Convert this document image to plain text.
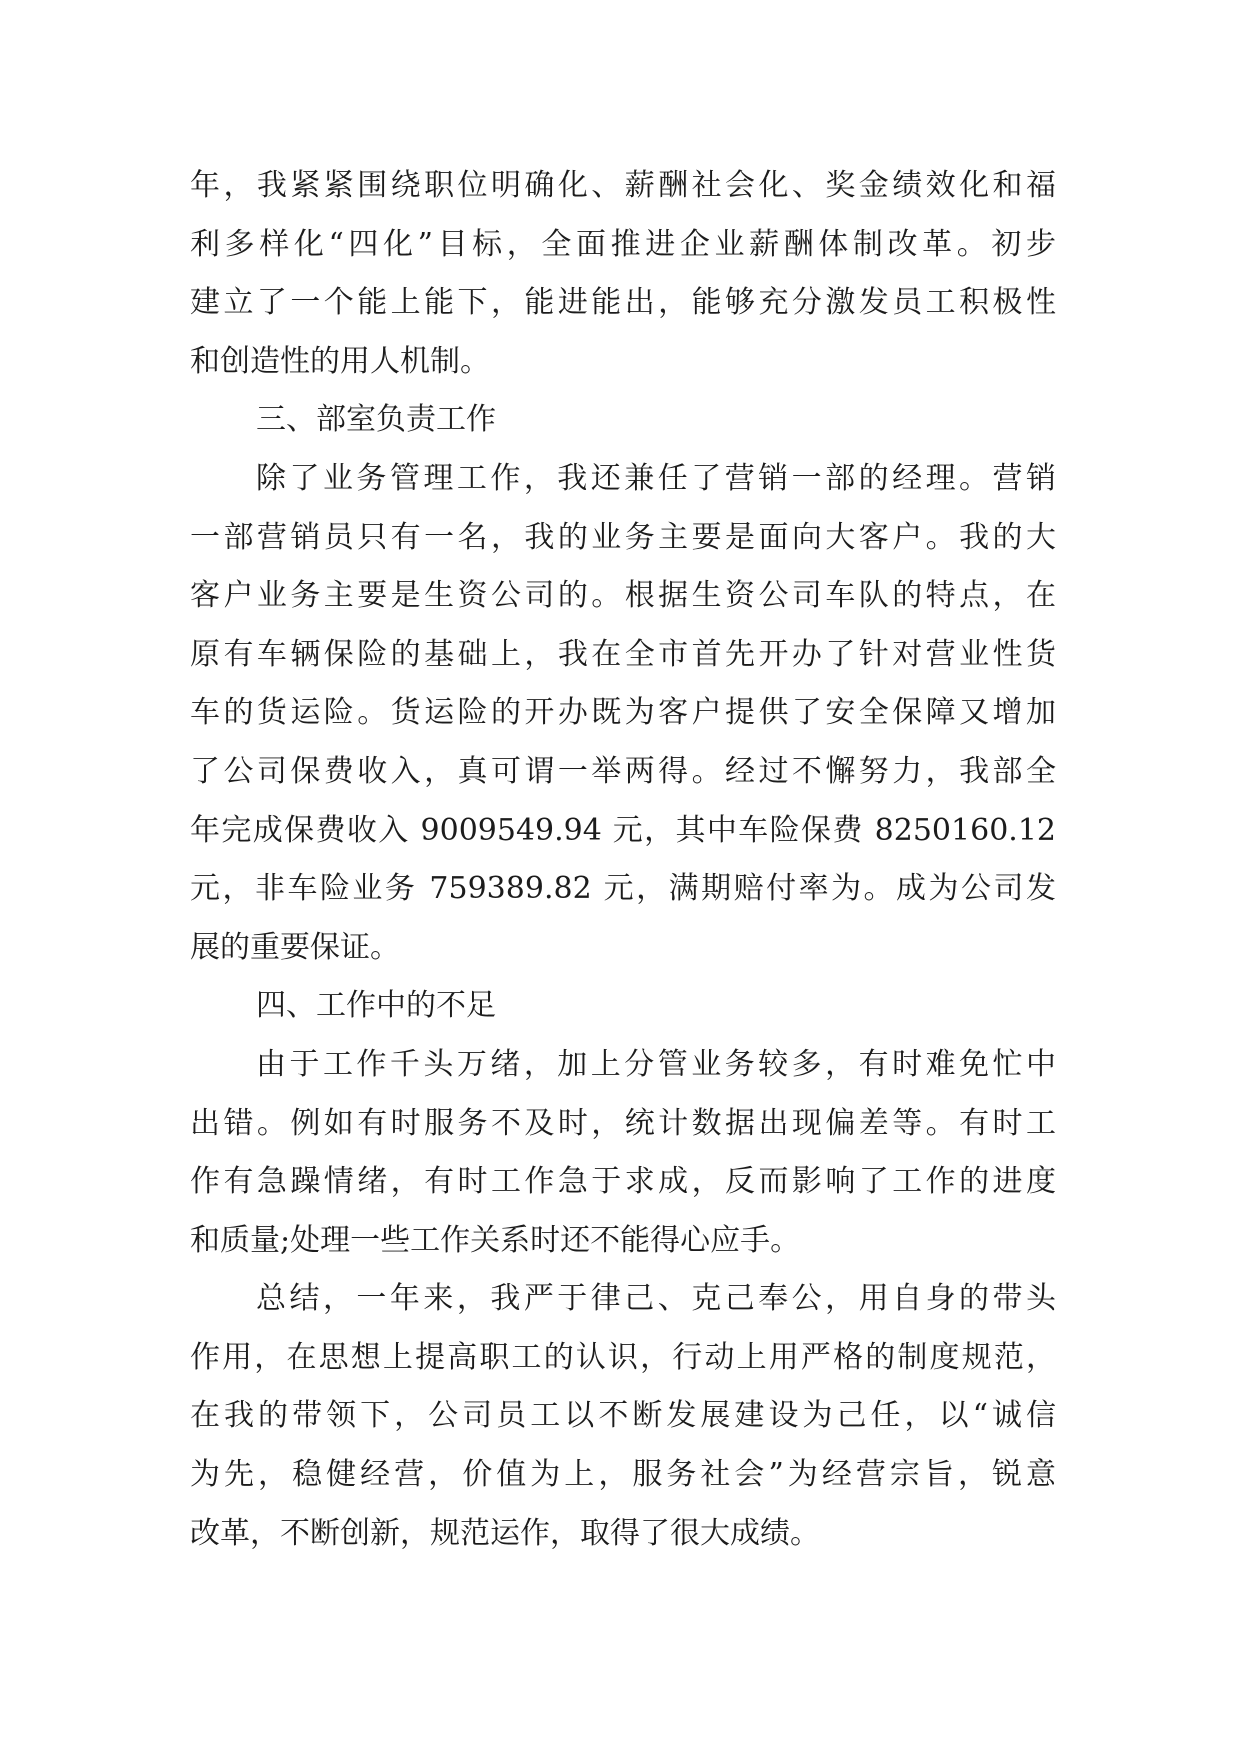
年，我紧紧围绕职位明确化、薪酬社会化、奖金绩效化和福
利多样化“四化”目标，全面推进企业薪酬体制改革。初步
建立了一个能上能下，能进能出，能够充分激发员工积极性
和创造性的用人机制。
三、部室负责工作
除了业务管理工作，我还兼任了营销一部的经理。营销
一部营销员只有一名，我的业务主要是面向大客户。我的大
客户业务主要是生资公司的。根据生资公司车队的特点，在
原有车辆保险的基础上，我在全市首先开办了针对营业性货
车的货运险。货运险的开办既为客户提供了安全保障又增加
了公司保费收入，真可谓一举两得。经过不懈努力，我部全
年完成保费收入 9009549.94 元，其中车险保费 8250160.12
元，非车险业务 759389.82 元，满期赔付率为。成为公司发
展的重要保证。
四、工作中的不足
由于工作千头万绪，加上分管业务较多，有时难免忙中
出错。例如有时服务不及时，统计数据出现偏差等。有时工
作有急躁情绪，有时工作急于求成，反而影响了工作的进度
和质量;处理一些工作关系时还不能得心应手。
总结，一年来，我严于律己、克己奉公，用自身的带头
作用，在思想上提高职工的认识，行动上用严格的制度规范，
在我的带领下，公司员工以不断发展建设为己任，以“诚信
为先，稳健经营，价值为上，服务社会”为经营宗旨，锐意
改革，不断创新，规范运作，取得了很大成绩。
